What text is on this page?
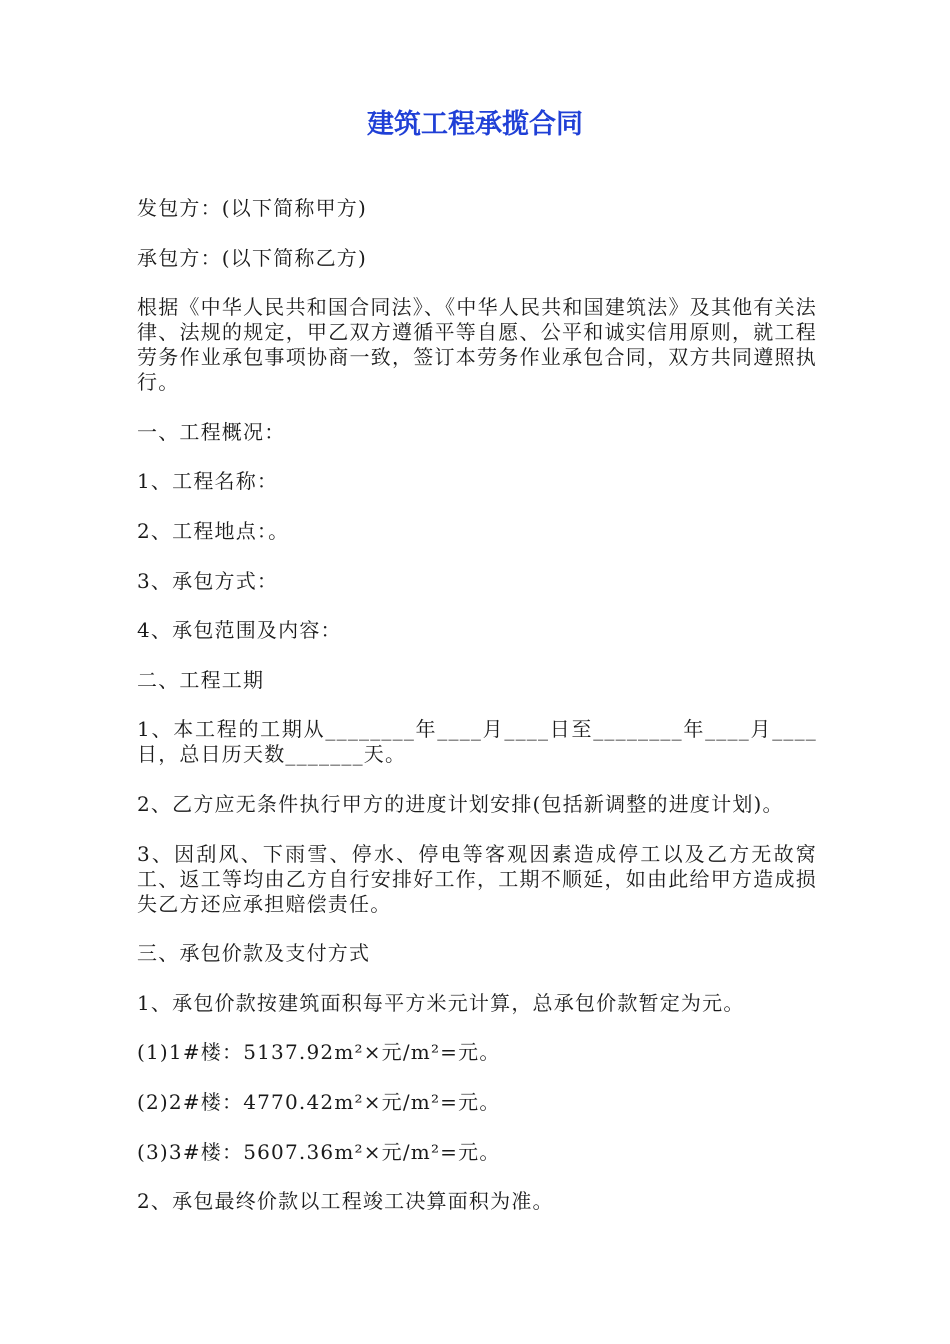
建筑工程承揽合同

发包方：(以下简称甲方)

承包方：(以下简称乙方)

根据《中华人民共和国合同法》、《中华人民共和国建筑法》及其他有关法律、法规的规定，甲乙双方遵循平等自愿、公平和诚实信用原则，就工程劳务作业承包事项协商一致，签订本劳务作业承包合同，双方共同遵照执行。

一、工程概况：

1、工程名称：

2、工程地点：。

3、承包方式：

4、承包范围及内容：

二、工程工期

1、本工程的工期从________年____月____日至________年____月____日，总日历天数_______天。

2、乙方应无条件执行甲方的进度计划安排(包括新调整的进度计划)。

3、因刮风、下雨雪、停水、停电等客观因素造成停工以及乙方无故窝工、返工等均由乙方自行安排好工作，工期不顺延，如由此给甲方造成损失乙方还应承担赔偿责任。

三、承包价款及支付方式

1、承包价款按建筑面积每平方米元计算，总承包价款暂定为元。

(1)1#楼：5137.92m²×元/m²=元。

(2)2#楼：4770.42m²×元/m²=元。

(3)3#楼：5607.36m²×元/m²=元。

2、承包最终价款以工程竣工决算面积为准。
